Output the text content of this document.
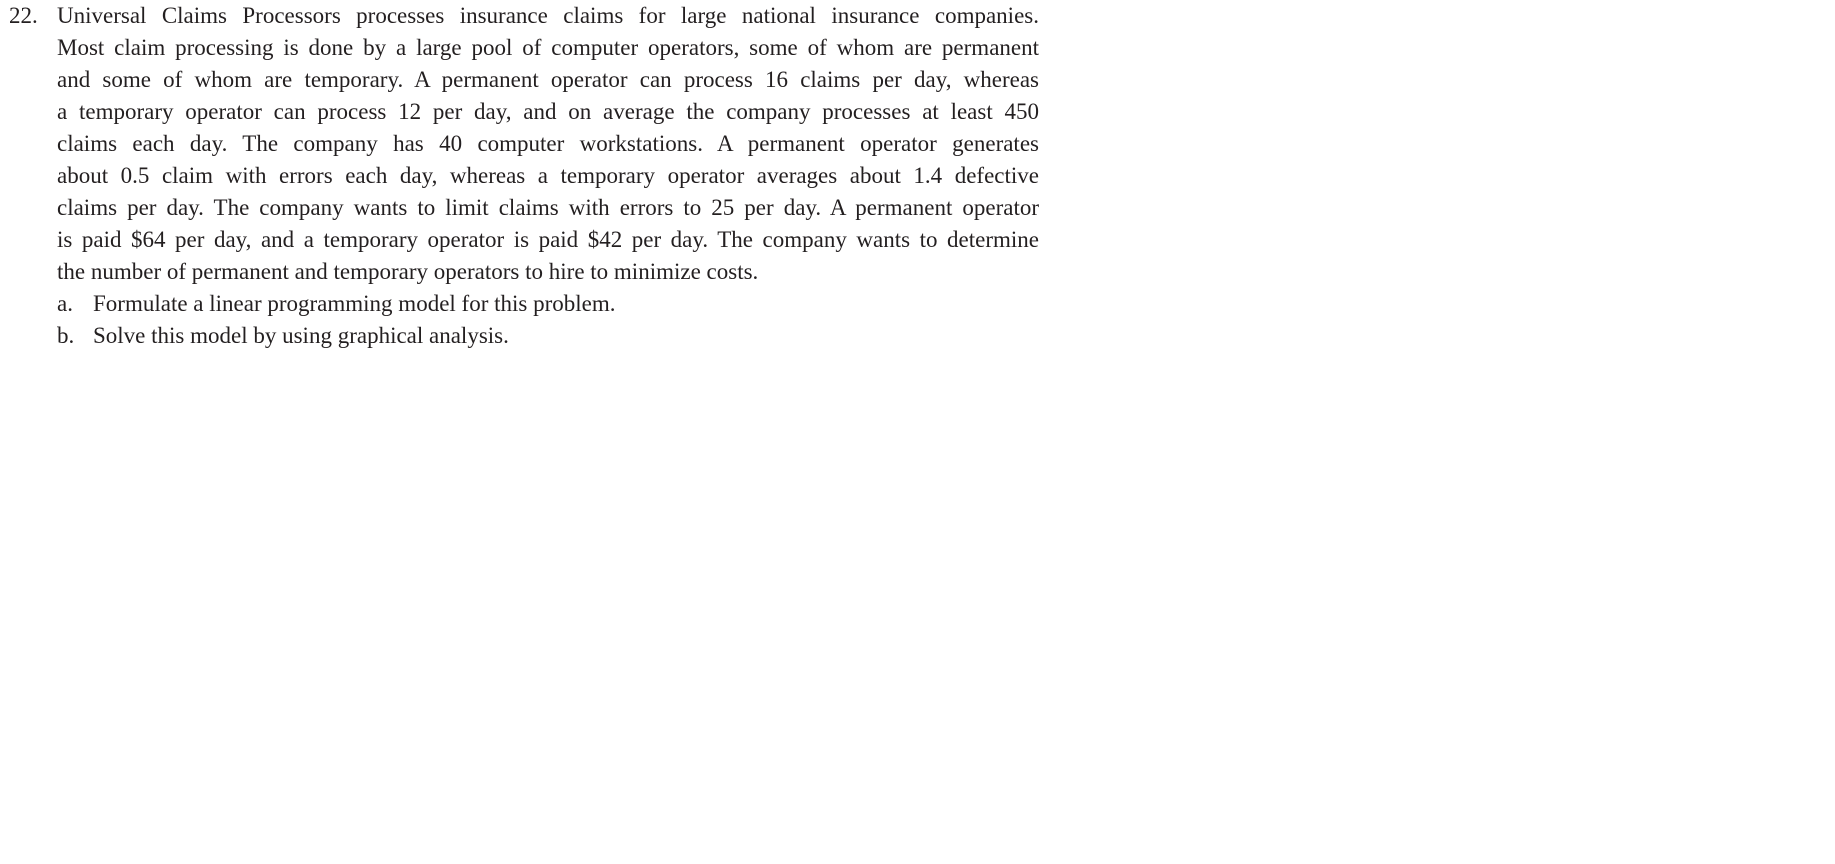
22. Universal Claims Processors processes insurance claims for large national insurance companies.
Most claim processing is done by a large pool of computer operators, some of whom are permanent
and some of whom are temporary. A permanent operator can process 16 claims per day, whereas
a temporary operator can process 12 per day, and on average the company processes at least 450
claims each day. The company has 40 computer workstations. A permanent operator generates
about 0.5 claim with errors each day, whereas a temporary operator averages about 1.4 defective
claims per day. The company wants to limit claims with errors to 25 per day. A permanent operator
is paid $64 per day, and a temporary operator is paid $42 per day. The company wants to determine
the number of permanent and temporary operators to hire to minimize costs.

a. Formulate a linear programming model for this problem.
b. Solve this model by using graphical analysis.
